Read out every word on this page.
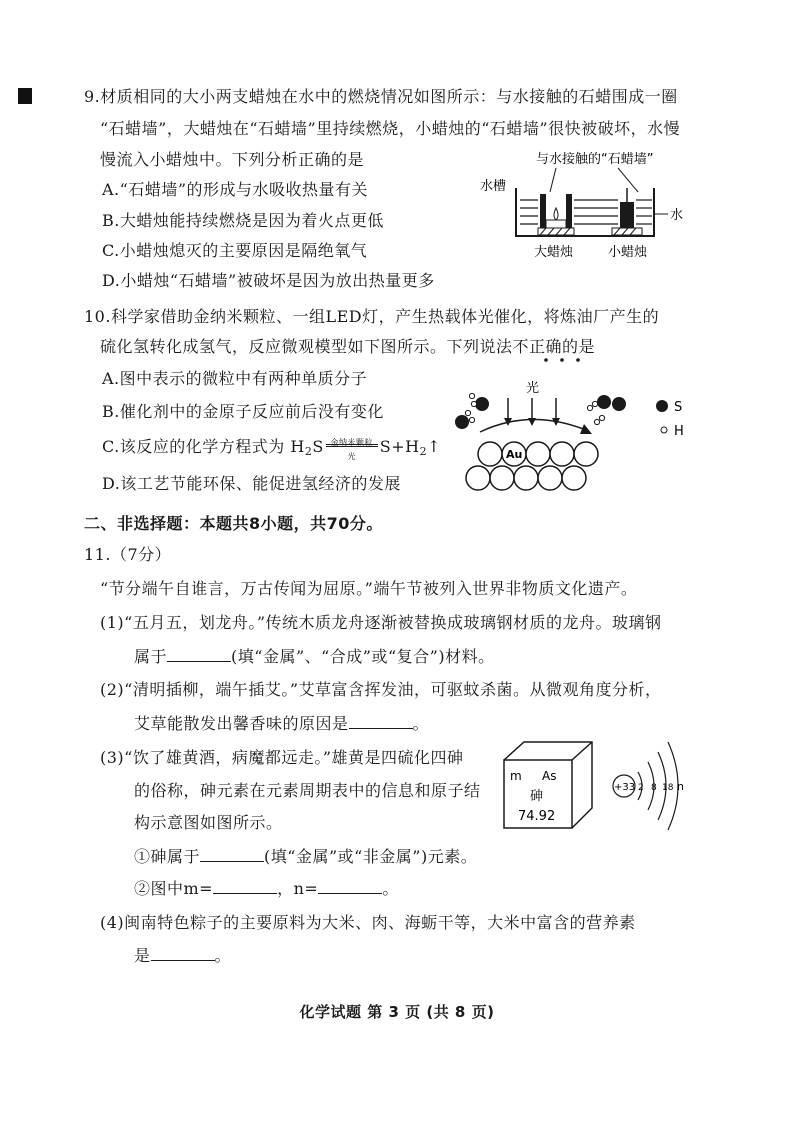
9.材质相同的大小两支蜡烛在水中的燃烧情况如图所示：与水接触的石蜡围成一圈
“石蜡墙”，大蜡烛在“石蜡墙”里持续燃烧，小蜡烛的“石蜡墙”很快被破坏，水慢
慢流入小蜡烛中。下列分析正确的是
A.“石蜡墙”的形成与水吸收热量有关
B.大蜡烛能持续燃烧是因为着火点更低
C.小蜡烛熄灭的主要原因是隔绝氧气
D.小蜡烛“石蜡墙”被破坏是因为放出热量更多
与水接触的“石蜡墙”
水槽
水
大蜡烛	小蜡烛
10.科学家借助金纳米颗粒、一组LED灯，产生热载体光催化，将炼油厂产生的
硫化氢转化成氢气，反应微观模型如下图所示。下列说法不正确的是
A.图中表示的微粒中有两种单质分子
B.催化剂中的金原子反应前后没有变化
C.该反应的化学方程式为 $H_2S$ 金纳米颗粒
光
$S+H_2↑$
D.该工艺节能环保、能促进氢经济的发展
光
Au
S
H
二、非选择题：本题共8小题，共70分。
11.（7分）
“节分端午自谁言，万古传闻为屈原。”端午节被列入世界非物质文化遗产。
(1)“五月五，划龙舟。”传统木质龙舟逐渐被替换成玻璃钢材质的龙舟。玻璃钢
属于	(填“金属”、“合成”或“复合”)材料。
(2)“清明插柳，端午插艾。”艾草富含挥发油，可驱蚊杀菌。从微观角度分析，
艾草能散发出馨香味的原因是	。
(3)“饮了雄黄酒，病魔都远走。”雄黄是四硫化四砷
的俗称，砷元素在元素周期表中的信息和原子结
构示意图如图所示。
①砷属于	(填“金属”或“非金属”)元素。
②图中m=	，n=	。
m As
砷
74.92
+33 2 8 18 n
(4)闽南特色粽子的主要原料为大米、肉、海蛎干等，大米中富含的营养素
是	。
化学试题 第 3 页 (共 8 页)
